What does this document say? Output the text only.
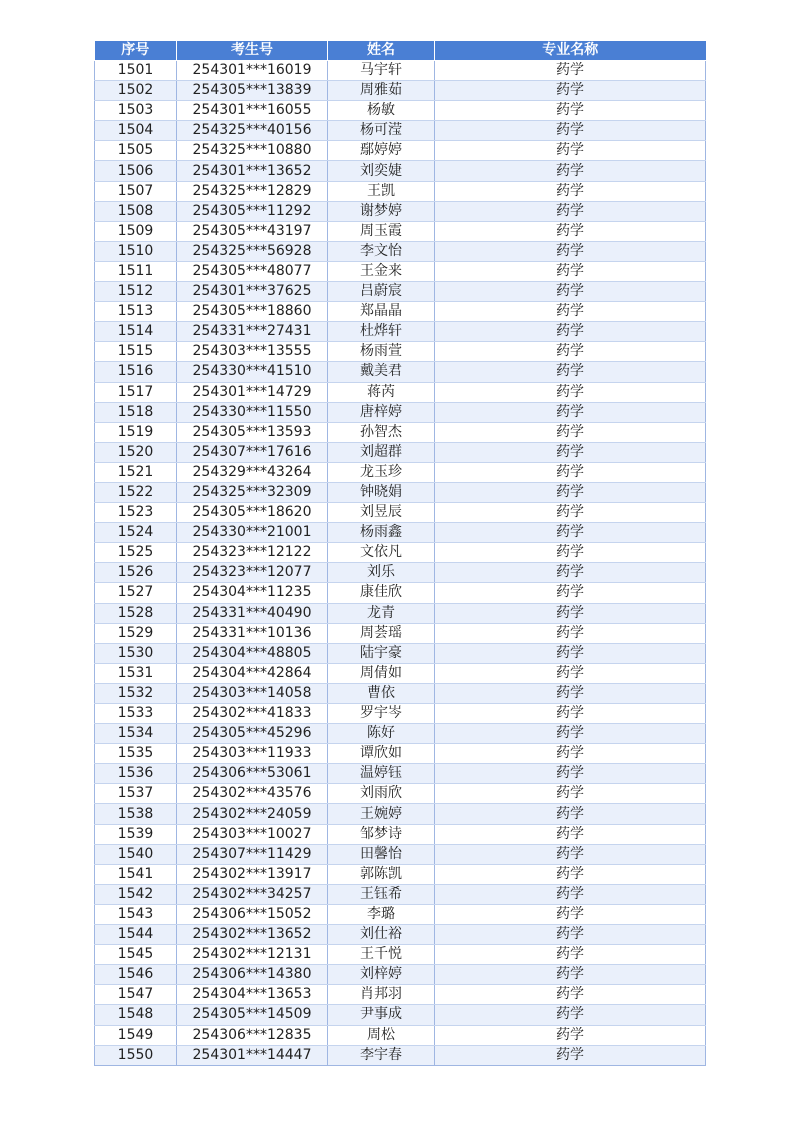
序号	考生号	姓名	专业名称
1501	254301***16019	马宇轩	药学
1502	254305***13839	周雅茹	药学
1503	254301***16055	杨敏	药学
1504	254325***40156	杨可滢	药学
1505	254325***10880	鄢婷婷	药学
1506	254301***13652	刘奕婕	药学
1507	254325***12829	王凯	药学
1508	254305***11292	谢梦婷	药学
1509	254305***43197	周玉霞	药学
1510	254325***56928	李文怡	药学
1511	254305***48077	王金来	药学
1512	254301***37625	吕蔚宸	药学
1513	254305***18860	郑晶晶	药学
1514	254331***27431	杜烨轩	药学
1515	254303***13555	杨雨萱	药学
1516	254330***41510	戴美君	药学
1517	254301***14729	蒋芮	药学
1518	254330***11550	唐梓婷	药学
1519	254305***13593	孙智杰	药学
1520	254307***17616	刘超群	药学
1521	254329***43264	龙玉珍	药学
1522	254325***32309	钟晓娟	药学
1523	254305***18620	刘昱辰	药学
1524	254330***21001	杨雨鑫	药学
1525	254323***12122	文依凡	药学
1526	254323***12077	刘乐	药学
1527	254304***11235	康佳欣	药学
1528	254331***40490	龙青	药学
1529	254331***10136	周荟瑶	药学
1530	254304***48805	陆宇豪	药学
1531	254304***42864	周倩如	药学
1532	254303***14058	曹依	药学
1533	254302***41833	罗宇岑	药学
1534	254305***45296	陈好	药学
1535	254303***11933	谭欣如	药学
1536	254306***53061	温婷钰	药学
1537	254302***43576	刘雨欣	药学
1538	254302***24059	王婉婷	药学
1539	254303***10027	邹梦诗	药学
1540	254307***11429	田馨怡	药学
1541	254302***13917	郭陈凯	药学
1542	254302***34257	王钰希	药学
1543	254306***15052	李璐	药学
1544	254302***13652	刘仕裕	药学
1545	254302***12131	王千悦	药学
1546	254306***14380	刘梓婷	药学
1547	254304***13653	肖邦羽	药学
1548	254305***14509	尹事成	药学
1549	254306***12835	周松	药学
1550	254301***14447	李宇春	药学
